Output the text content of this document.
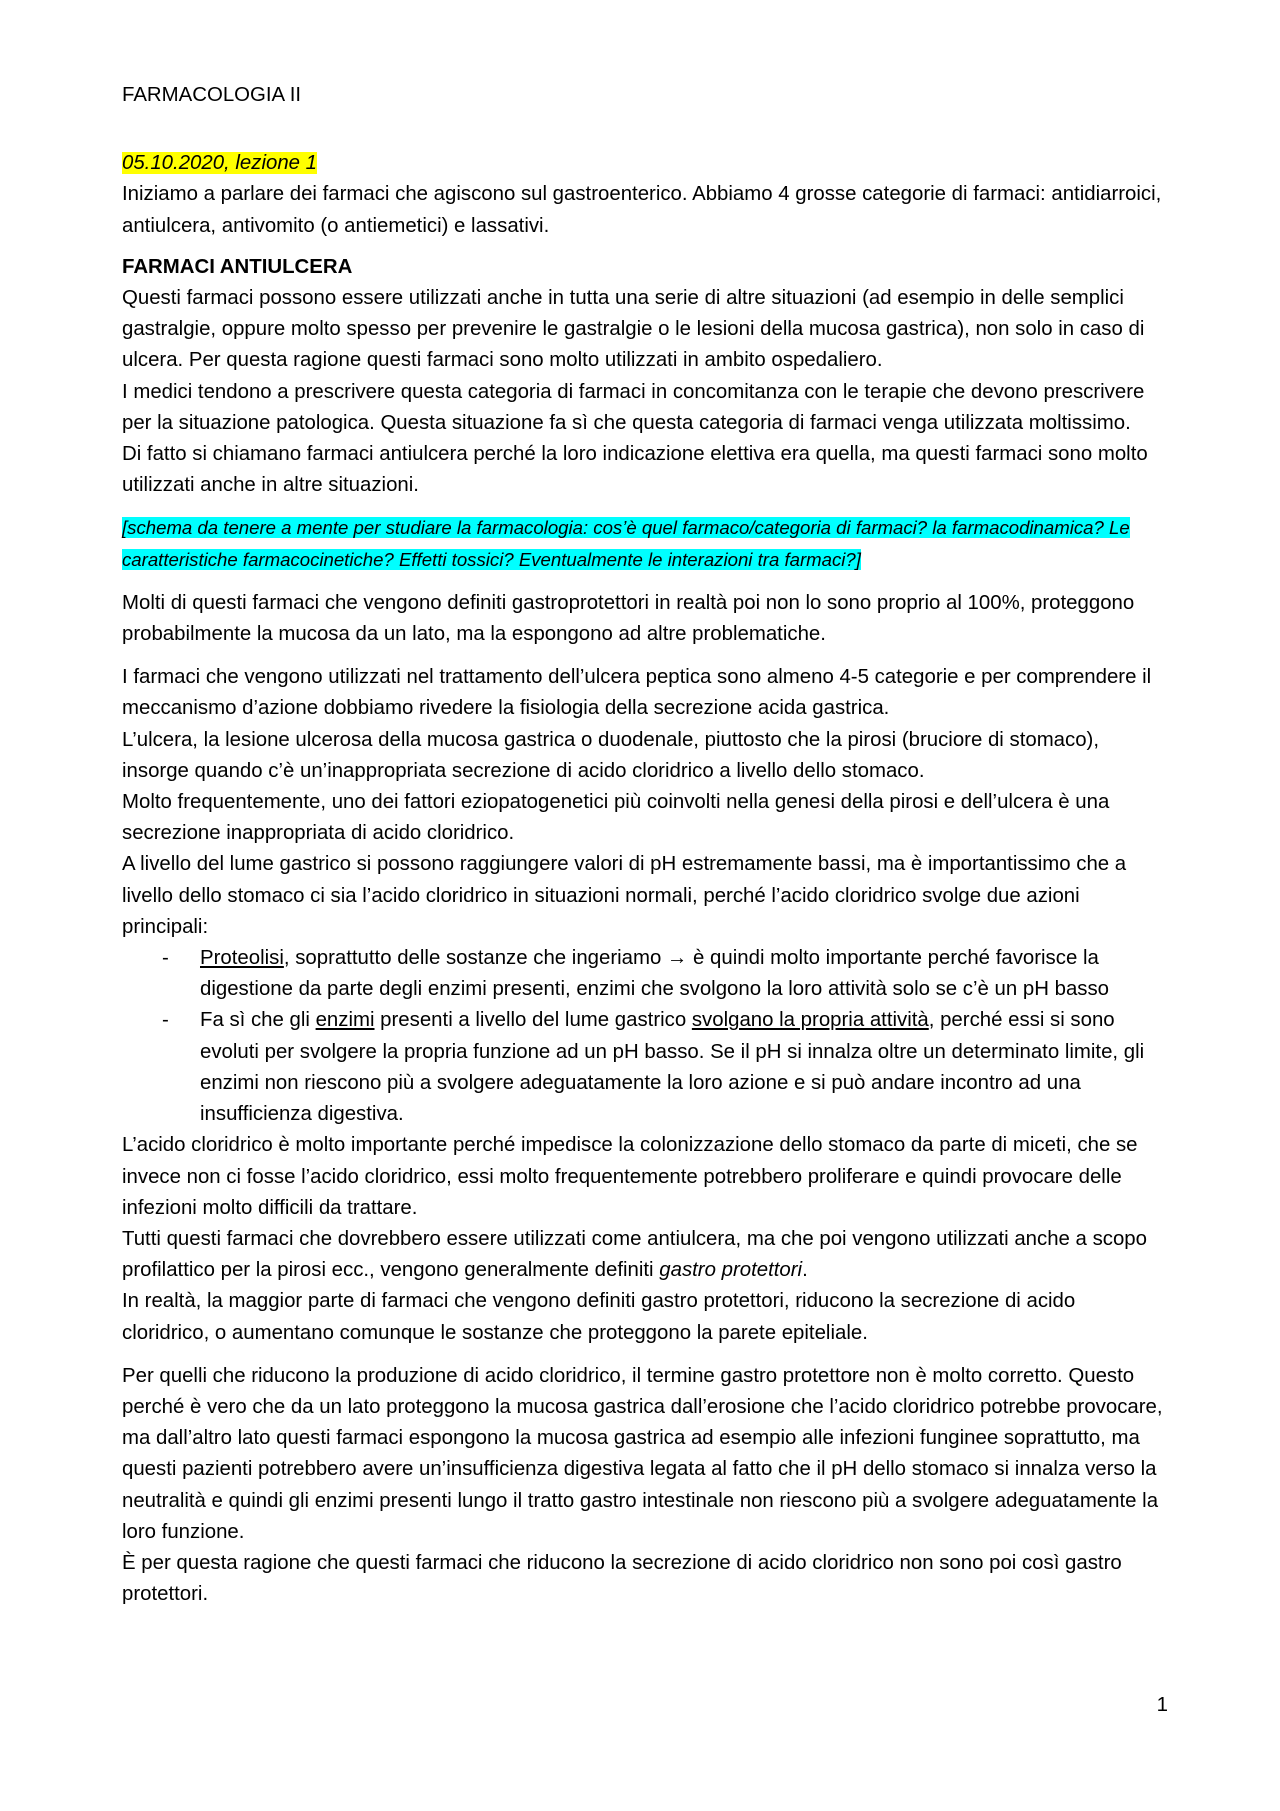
FARMACOLOGIA II

05.10.2020, lezione 1

Iniziamo a parlare dei farmaci che agiscono sul gastroenterico. Abbiamo 4 grosse categorie di farmaci: antidiarroici, antiulcera, antivomito (o antiemetici) e lassativi.

FARMACI ANTIULCERA

Questi farmaci possono essere utilizzati anche in tutta una serie di altre situazioni (ad esempio in delle semplici gastralgie, oppure molto spesso per prevenire le gastralgie o le lesioni della mucosa gastrica), non solo in caso di ulcera. Per questa ragione questi farmaci sono molto utilizzati in ambito ospedaliero.

I medici tendono a prescrivere questa categoria di farmaci in concomitanza con le terapie che devono prescrivere per la situazione patologica. Questa situazione fa sì che questa categoria di farmaci venga utilizzata moltissimo.

Di fatto si chiamano farmaci antiulcera perché la loro indicazione elettiva era quella, ma questi farmaci sono molto utilizzati anche in altre situazioni.

[schema da tenere a mente per studiare la farmacologia: cos’è quel farmaco/categoria di farmaci? la farmacodinamica? Le caratteristiche farmacocinetiche? Effetti tossici? Eventualmente le interazioni tra farmaci?]

Molti di questi farmaci che vengono definiti gastroprotettori in realtà poi non lo sono proprio al 100%, proteggono probabilmente la mucosa da un lato, ma la espongono ad altre problematiche.

I farmaci che vengono utilizzati nel trattamento dell’ulcera peptica sono almeno 4-5 categorie e per comprendere il meccanismo d’azione dobbiamo rivedere la fisiologia della secrezione acida gastrica.

L’ulcera, la lesione ulcerosa della mucosa gastrica o duodenale, piuttosto che la pirosi (bruciore di stomaco), insorge quando c’è un’inappropriata secrezione di acido cloridrico a livello dello stomaco.

Molto frequentemente, uno dei fattori eziopatogenetici più coinvolti nella genesi della pirosi e dell’ulcera è una secrezione inappropriata di acido cloridrico.

A livello del lume gastrico si possono raggiungere valori di pH estremamente bassi, ma è importantissimo che a livello dello stomaco ci sia l’acido cloridrico in situazioni normali, perché l’acido cloridrico svolge due azioni principali:

- Proteolisi, soprattutto delle sostanze che ingeriamo → è quindi molto importante perché favorisce la digestione da parte degli enzimi presenti, enzimi che svolgono la loro attività solo se c’è un pH basso
- Fa sì che gli enzimi presenti a livello del lume gastrico svolgano la propria attività, perché essi si sono evoluti per svolgere la propria funzione ad un pH basso. Se il pH si innalza oltre un determinato limite, gli enzimi non riescono più a svolgere adeguatamente la loro azione e si può andare incontro ad una insufficienza digestiva.

L’acido cloridrico è molto importante perché impedisce la colonizzazione dello stomaco da parte di miceti, che se invece non ci fosse l’acido cloridrico, essi molto frequentemente potrebbero proliferare e quindi provocare delle infezioni molto difficili da trattare.

Tutti questi farmaci che dovrebbero essere utilizzati come antiulcera, ma che poi vengono utilizzati anche a scopo profilattico per la pirosi ecc., vengono generalmente definiti gastro protettori.

In realtà, la maggior parte di farmaci che vengono definiti gastro protettori, riducono la secrezione di acido cloridrico, o aumentano comunque le sostanze che proteggono la parete epiteliale.

Per quelli che riducono la produzione di acido cloridrico, il termine gastro protettore non è molto corretto. Questo perché è vero che da un lato proteggono la mucosa gastrica dall’erosione che l’acido cloridrico potrebbe provocare, ma dall’altro lato questi farmaci espongono la mucosa gastrica ad esempio alle infezioni funginee soprattutto, ma questi pazienti potrebbero avere un’insufficienza digestiva legata al fatto che il pH dello stomaco si innalza verso la neutralità e quindi gli enzimi presenti lungo il tratto gastro intestinale non riescono più a svolgere adeguatamente la loro funzione.

È per questa ragione che questi farmaci che riducono la secrezione di acido cloridrico non sono poi così gastro protettori.

1
